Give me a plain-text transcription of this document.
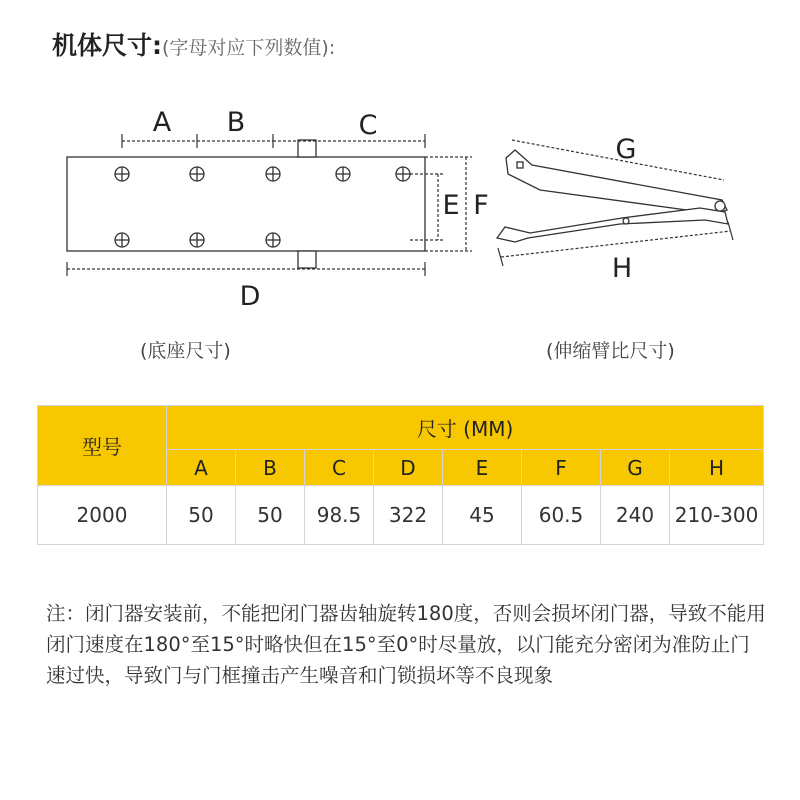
机体尺寸:(字母对应下列数值):
A B	C
D
E F
G
H
(底座尺寸)	(伸缩臂比尺寸)
型号	尺寸 (MM)							
	A	B	C	D	E	F	G	H
2000	50	50	98.5	322	45	60.5	240	210-300
注：闭门器安装前，不能把闭门器齿轴旋转180度，否则会损坏闭门器，导致不能用闭门速度在180°至15°时略快但在15°至0°时尽量放，以门能充分密闭为准防止门速过快，导致门与门框撞击产生噪音和门锁损坏等不良现象
